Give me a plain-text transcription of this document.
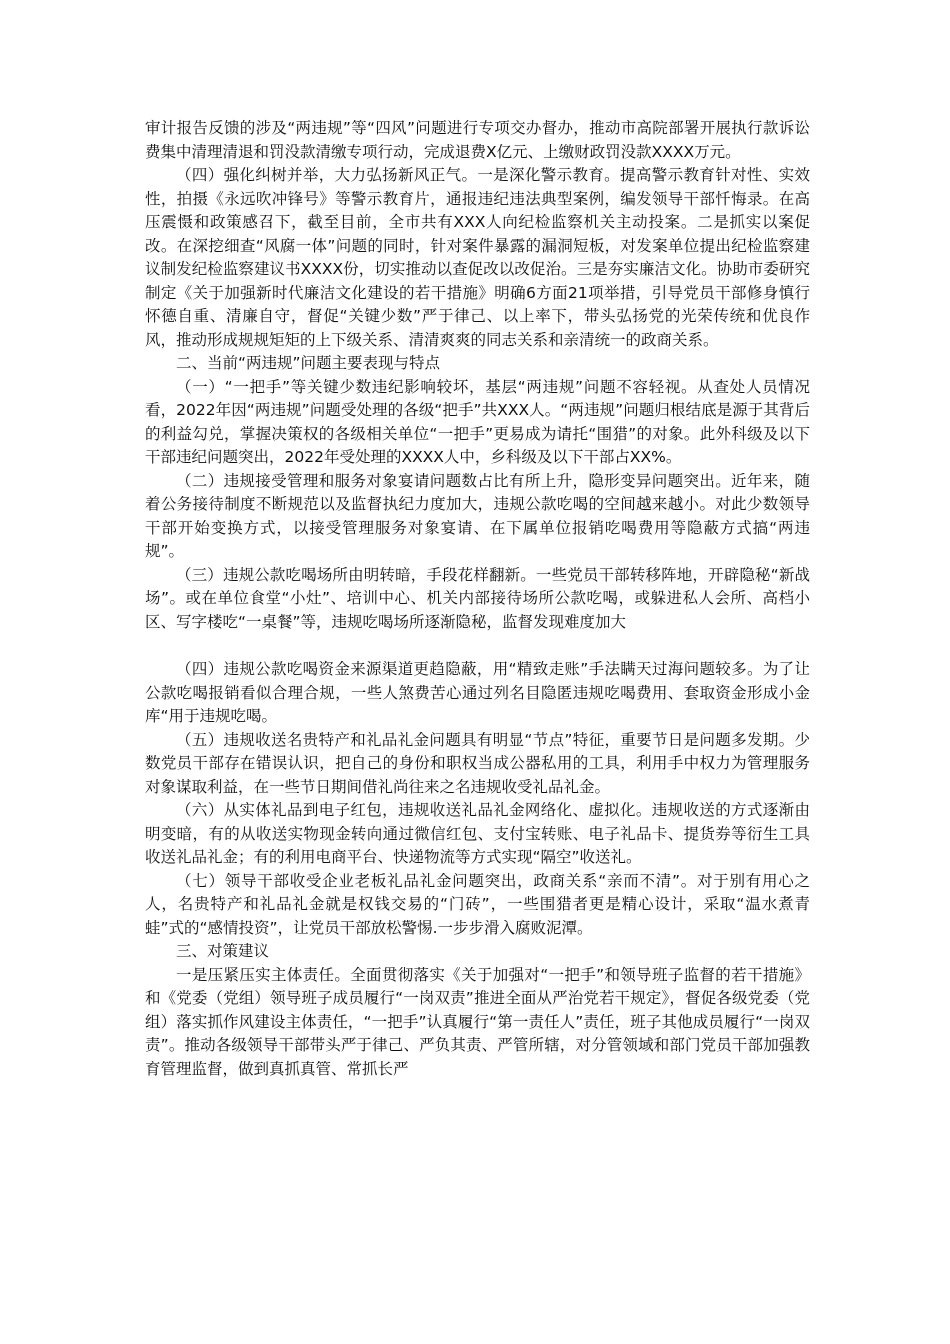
审计报告反馈的涉及“两违规”等“四风”问题进行专项交办督办，推动市高院部署开展执行款诉讼费集中清理清退和罚没款清缴专项行动，完成退费X亿元、上缴财政罚没款XXXX万元。

（四）强化纠树并举，大力弘扬新风正气。一是深化警示教育。提高警示教育针对性、实效性，拍摄《永远吹冲锋号》等警示教育片，通报违纪违法典型案例，编发领导干部忏悔录。在高压震慑和政策感召下，截至目前，全市共有XXX人向纪检监察机关主动投案。二是抓实以案促改。在深挖细查“风腐一体”问题的同时，针对案件暴露的漏洞短板，对发案单位提出纪检监察建议制发纪检监察建议书XXXX份，切实推动以查促改以改促治。三是夯实廉洁文化。协助市委研究制定《关于加强新时代廉洁文化建设的若干措施》明确6方面21项举措，引导党员干部修身慎行怀德自重、清廉自守，督促“关键少数”严于律己、以上率下，带头弘扬党的光荣传统和优良作风，推动形成规规矩矩的上下级关系、清清爽爽的同志关系和亲清统一的政商关系。

二、当前“两违规”问题主要表现与特点

（一）“一把手”等关键少数违纪影响较坏，基层“两违规”问题不容轻视。从查处人员情况看，2022年因“两违规”问题受处理的各级“把手”共XXX人。“两违规”问题归根结底是源于其背后的利益勾兑，掌握决策权的各级相关单位“一把手”更易成为请托“围猎”的对象。此外科级及以下干部违纪问题突出，2022年受处理的XXXX人中，乡科级及以下干部占XX%。

（二）违规接受管理和服务对象宴请问题数占比有所上升，隐形变异问题突出。近年来，随着公务接待制度不断规范以及监督执纪力度加大，违规公款吃喝的空间越来越小。对此少数领导干部开始变换方式，以接受管理服务对象宴请、在下属单位报销吃喝费用等隐蔽方式搞“两违规”。

（三）违规公款吃喝场所由明转暗，手段花样翻新。一些党员干部转移阵地，开辟隐秘“新战场”。或在单位食堂“小灶”、培训中心、机关内部接待场所公款吃喝，或躲进私人会所、高档小区、写字楼吃“一桌餐”等，违规吃喝场所逐渐隐秘，监督发现难度加大

（四）违规公款吃喝资金来源渠道更趋隐蔽，用“精致走账”手法瞒天过海问题较多。为了让公款吃喝报销看似合理合规，一些人煞费苦心通过列名目隐匿违规吃喝费用、套取资金形成小金库“用于违规吃喝。

（五）违规收送名贵特产和礼品礼金问题具有明显“节点”特征，重要节日是问题多发期。少数党员干部存在错误认识，把自己的身份和职权当成公器私用的工具，利用手中权力为管理服务对象谋取利益，在一些节日期间借礼尚往来之名违规收受礼品礼金。

（六）从实体礼品到电子红包，违规收送礼品礼金网络化、虚拟化。违规收送的方式逐渐由明变暗，有的从收送实物现金转向通过微信红包、支付宝转账、电子礼品卡、提货券等衍生工具收送礼品礼金；有的利用电商平台、快递物流等方式实现“隔空”收送礼。

（七）领导干部收受企业老板礼品礼金问题突出，政商关系“亲而不清”。对于别有用心之人，名贵特产和礼品礼金就是权钱交易的“门砖”，一些围猎者更是精心设计，采取“温水煮青蛙”式的“感情投资”，让党员干部放松警惕.一步步滑入腐败泥潭。

三、对策建议

一是压紧压实主体责任。全面贯彻落实《关于加强对“一把手”和领导班子监督的若干措施》和《党委（党组）领导班子成员履行“一岗双责”推进全面从严治党若干规定》，督促各级党委（党组）落实抓作风建设主体责任，“一把手”认真履行“第一责任人”责任，班子其他成员履行“一岗双责”。推动各级领导干部带头严于律己、严负其责、严管所辖，对分管领域和部门党员干部加强教育管理监督，做到真抓真管、常抓长严
